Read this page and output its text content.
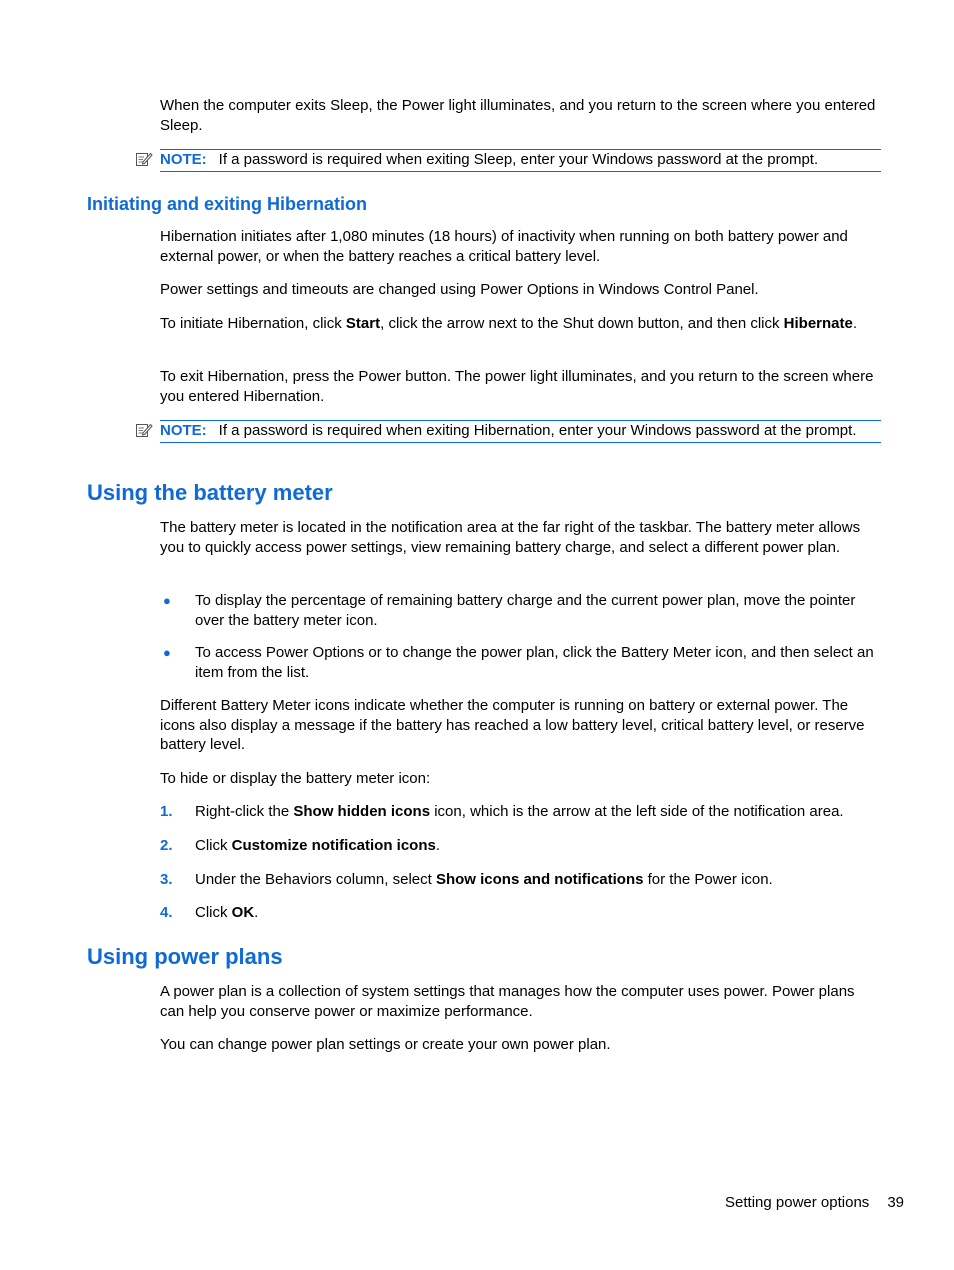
When the computer exits Sleep, the Power light illuminates, and you return to the screen where you entered Sleep.

NOTE: If a password is required when exiting Sleep, enter your Windows password at the prompt.
Initiating and exiting Hibernation

Hibernation initiates after 1,080 minutes (18 hours) of inactivity when running on both battery power and external power, or when the battery reaches a critical battery level.

Power settings and timeouts are changed using Power Options in Windows Control Panel.

To initiate Hibernation, click Start, click the arrow next to the Shut down button, and then click Hibernate.

To exit Hibernation, press the Power button. The power light illuminates, and you return to the screen where you entered Hibernation.

NOTE: If a password is required when exiting Hibernation, enter your Windows password at the prompt.
Using the battery meter

The battery meter is located in the notification area at the far right of the taskbar. The battery meter allows you to quickly access power settings, view remaining battery charge, and select a different power plan.

● To display the percentage of remaining battery charge and the current power plan, move the pointer over the battery meter icon.
● To access Power Options or to change the power plan, click the Battery Meter icon, and then select an item from the list.

Different Battery Meter icons indicate whether the computer is running on battery or external power. The icons also display a message if the battery has reached a low battery level, critical battery level, or reserve battery level.

To hide or display the battery meter icon:

1. Right-click the Show hidden icons icon, which is the arrow at the left side of the notification area.
2. Click Customize notification icons.
3. Under the Behaviors column, select Show icons and notifications for the Power icon.
4. Click OK.
Using power plans

A power plan is a collection of system settings that manages how the computer uses power. Power plans can help you conserve power or maximize performance.

You can change power plan settings or create your own power plan.

Setting power options 39
